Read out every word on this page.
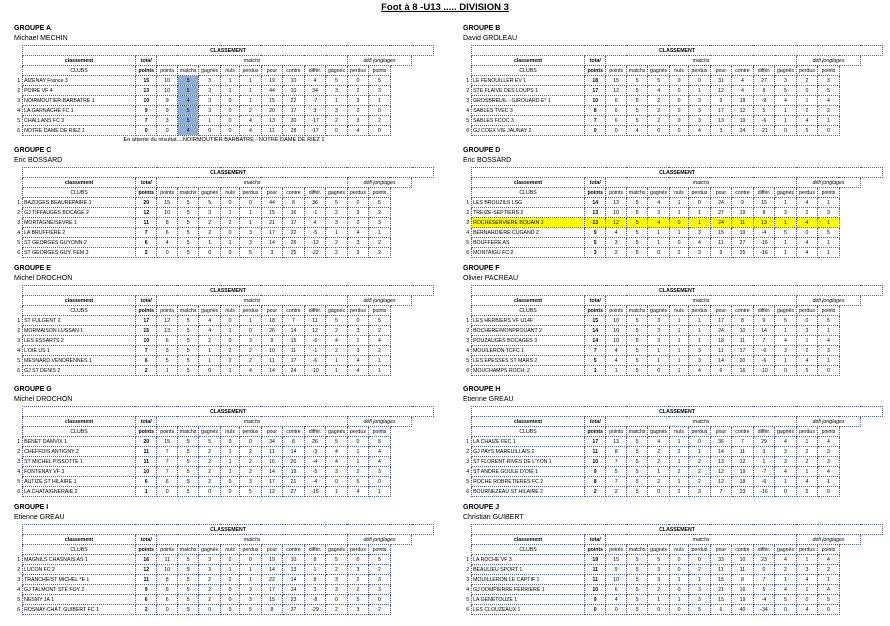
Foot à 8 -U13 ..... DIVISION 3
GROUPE A
Michael MECHIN
	CLASSEMENT												
	classement	total	matchs									défi jonglages	
	CLUBS	points	points	matchs	gagnés	nuls	perdus	pour	contre	différ.	gagnés	perdus	points
1	AIZENAY France 3	15	10	5	3	1	1	19	10	4	5	0	5
2	POIRE VF 4	13	10	5	3	1	1	44	10	34	3	2	3
3	NOIRMOUTIER-BARBATRE 1	10	9	4	3	0	1	15	22	-7	1	3	1
4	LA GARNACHE FC 1	9	9	5	3	0	2	20	17	3	3	2	0
5	CHALLANS FC 3	7	3	5	1	0	4	13	30	-17	2	3	2
6	NOTRE DAME DE RIEZ 1	0	0	4	0	0	4	11	28	-17	0	4	0
En attente du résultat....NOIRMOUTIER BARBATRE - NOTRE DAME DE RIEZ 1
GROUPE B
David GROLEAU
	CLASSEMENT												
	classement	total	matchs									défi jonglages	
	CLUBS	points	points	matchs	gagnés	nuls	perdus	pour	contre	différ.	gagnés	perdus	points
1	LE FENOUILLER EV 1	18	15	5	5	0	0	31	4	27	3	2	3
2	STE FLAIVE DES LOUPS 1	17	12	5	4	0	1	12	4	8	5	0	5
3	GROSBREUIL - GIROUARD E* 1	10	6	5	2	0	3	9	18	-9	4	1	4
4	SABLES TVEC 3	8	6	5	2	0	3	17	12	5	1	2	2
5	SABLES FCOC 3	7	6	5	2	0	3	13	19	-6	1	4	1
6	GJ COEX VIE JAUNAY 2	0	0	4	0	0	4	3	24	-21	0	5	0
GROUPE C
Eric BOSSARD
	CLASSEMENT												
	classement	total	matchs									défi jonglages	
	CLUBS	points	points	matchs	gagnés	nuls	perdus	pour	contre	différ.	gagnés	perdus	points
1	BAZOGES BEAUREPAIRE 1	20	15	5	5	0	0	44	8	36	5	0	5
2	GJ TIFFAUGES BOCAGE 2	12	10	5	3	1	1	15	16	-1	2	3	2
3	MORTAGNE/SEVRE 1	11	8	5	2	2	1	21	17	4	3	2	3
4	LA BRUFFIERE 2	7	6	5	2	0	3	17	22	-5	1	4	1
5	ST GEORGES GUYONN 2	6	4	5	1	1	3	14	26	-12	2	3	2
6	ST GEORGES GUY. FEM 3	2	0	5	0	0	5	3	25	-22	2	3	2
GROUPE D
Eric BOSSARD
	CLASSEMENT												
	classement	total	matchs									défi jonglages	
	CLUBS	points	points	matchs	gagnés	nuls	perdus	pour	contre	différ.	gagnés	perdus	points
1	LES BROUZILS LSG	14	13	5	4	1	0	24	9	15	1	4	1
2	TREIZE-SEPTIERS 2	13	10	5	3	1	1	27	19	8	3	2	3
3	ROCHESERVIERE BOUAIN 2	13	12	5	4	0	1	24	11	13	1	4	1
4	BERNARDIERE CUGAND 2	9	4	5	1	1	3	15	19	-4	5	0	5
5	BOUFFERE AS	5	3	5	1	0	4	11	27	-16	1	4	1
6	MONTAIGU FC 2	3	2	5	0	2	3	9	25	-16	1	4	1
GROUPE E
Michel DROCHON
	CLASSEMENT												
	classement	total	matchs									défi jonglages	
	CLUBS	points	points	matchs	gagnés	nuls	perdus	pour	contre	différ.	gagnés	perdus	points
1	ST FULGENT 2	17	12	5	4	0	1	18	7	11	5	0	5
2	MORMAISON LUSSAN 1	15	13	5	4	1	0	26	14	12	2	3	2
3	LES ESSARTS 2	10	6	5	2	0	3	9	15	-6	4	1	4
4	L'OIE US 1	7	5	5	1	2	2	10	11	-1	2	3	2
5	MESNARD VENDRENNES 1	6	5	5	1	2	2	11	17	-6	1	4	1
6	GJ ST DENIS 2	2	1	5	0	1	4	14	24	-10	1	4	1
GROUPE F
Olivier PACREAU
	CLASSEMENT												
	classement	total	matchs									défi jonglages	
	CLUBS	points	points	matchs	gagnés	nuls	perdus	pour	contre	différ.	gagnés	perdus	points
1	LES HERBIERS VF U14F	15	10	5	3	1	1	17	8	9	5	0	5
2	BOCHERE/MONPROUANT 2	14	10	5	3	1	1	24	10	14	1	3	1
3	POUZAUGES BOCAGES 3	14	10	5	3	1	1	18	11	7	4	1	4
4	MOUILERON TCFC 1	7	4	5	1	1	3	11	17	-6	3	2	3
5	LES EPESSES ST MARS 2	5	4	5	1	1	3	14	20	-6	1	4	1
6	MOUCHAMPS ROCH. 2	1	1	5	0	1	4	6	16	-10	0	5	0
GROUPE G
Michel DROCHON
	CLASSEMENT												
	classement	total	matchs									défi jonglages	
	CLUBS	points	points	matchs	gagnés	nuls	perdus	pour	contre	différ.	gagnés	perdus	points
1	BENET DAMVIX 1	20	15	5	5	0	0	34	8	26	5	0	5
2	CHEFFOIS ANTIGNY 2	11	7	5	2	1	2	11	14	-3	4	1	4
3	ST MICHEL PISSOTTE 1	11	7	5	2	1	2	16	20	-4	4	1	4
4	FONTENAY VF 3	10	7	5	2	1	2	14	19	-5	3	2	3
5	AUTIZE ST HILAIRE 1	6	6	5	2	0	3	17	21	-4	0	5	0
6	LA CHATAIGNERAIE 2	1	0	5	0	0	5	12	27	-15	1	4	1
GROUPE H
Etienne GREAU
	CLASSEMENT												
	classement	total	matchs									défi jonglages	
	CLUBS	points	points	matchs	gagnés	nuls	perdus	pour	contre	différ.	gagnés	perdus	points
1	LA CHAIZE FEC 1	17	13	5	4	1	0	36	7	29	4	1	4
2	GJ PAYS MAREUILLAIS 2	11	8	5	2	2	1	14	11	3	3	2	3
3	ST FLORENT RIVES DE L'YON 1	10	7	5	2	1	2	13	12	1	3	2	3
4	ST ANDRE GOULE D'OIE 1	9	5	5	1	2	2	12	19	-7	4	1	4
5	ROCHE ROBRETIERES FC 2	8	7	5	2	1	2	12	18	-6	1	4	1
6	BOURNEZEAU ST HILAIRE 2	2	2	5	0	2	3	7	23	-16	0	5	0
GROUPE I
Etienne GREAU
	CLASSEMENT												
	classement	total	matchs									défi jonglages	
	CLUBS	points	points	matchs	gagnés	nuls	perdus	pour	contre	différ.	gagnés	perdus	points
1	MAGNILS CHASNAIS AS 1	16	11	5	3	2	0	19	10	9	5	0	5
2	LUCON FC 2	12	10	5	3	1	1	14	13	1	2	3	2
3	TRANCHE/ST MICHEL *E 1	11	8	5	2	2	1	22	14	8	3	2	3
4	GJ TALMONT STE FOY 2	9	6	5	2	0	3	17	14	3	3	2	3
5	NESMY JA 1	6	6	5	2	0	3	15	23	-8	0	5	0
6	ROSNAY-CHÂT. GUIBERT FC 1	2	0	5	0	0	5	8	37	-29	2	3	2
GROUPE J
Christian GUIBERT
	CLASSEMENT												
	classement	total	matchs									défi jonglages	
	CLUBS	points	points	matchs	gagnés	nuls	perdus	pour	contre	différ.	gagnés	perdus	points
1	LA ROCHE VF 3	19	15	5	5	0	0	33	10	23	4	1	4
2	BEAULIEU SPORT 1	11	9	5	3	0	2	11	11	0	2	3	2
3	MOUILLERON LE CAPTIF 1	11	10	5	3	1	1	15	8	7	1	4	1
4	GJ DOMPIERRE FERRIERE 1	10	6	5	2	0	3	21	16	5	4	1	4
5	LA GENETOUZE 1	9	4	5	1	1	3	15	19	-4	5	0	5
6	LES CLOUZEAUX 1	0	0	5	0	0	5	6	40	-34	0	4	0
